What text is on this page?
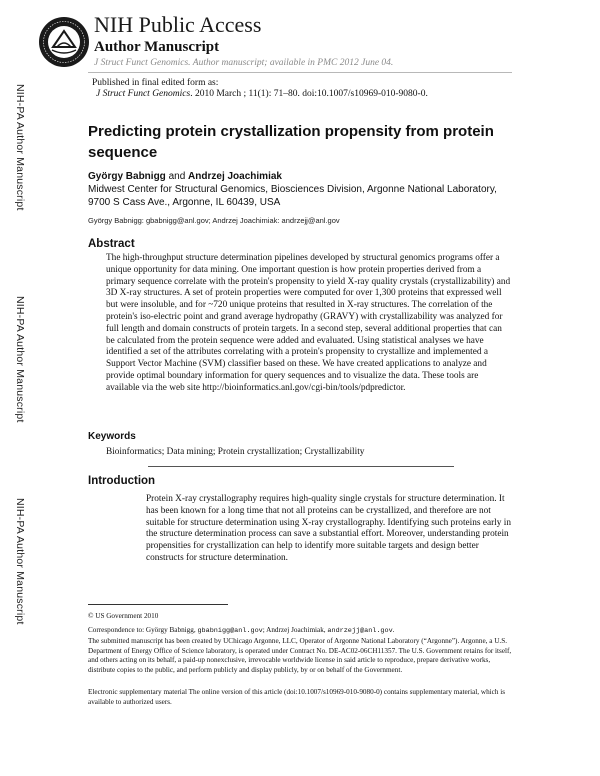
NIH Public Access
Author Manuscript
J Struct Funct Genomics. Author manuscript; available in PMC 2012 June 04.
Published in final edited form as:
J Struct Funct Genomics. 2010 March ; 11(1): 71–80. doi:10.1007/s10969-010-9080-0.
NIH-PA Author Manuscript
NIH-PA Author Manuscript
NIH-PA Author Manuscript
Predicting protein crystallization propensity from protein sequence
György Babnigg and Andrzej Joachimiak
Midwest Center for Structural Genomics, Biosciences Division, Argonne National Laboratory, 9700 S Cass Ave., Argonne, IL 60439, USA
György Babnigg: gbabnigg@anl.gov; Andrzej Joachimiak: andrzejj@anl.gov
Abstract
The high-throughput structure determination pipelines developed by structural genomics programs offer a unique opportunity for data mining. One important question is how protein properties derived from a primary sequence correlate with the protein's propensity to yield X-ray quality crystals (crystallizability) and 3D X-ray structures. A set of protein properties were computed for over 1,300 proteins that expressed well but were insoluble, and for ~720 unique proteins that resulted in X-ray structures. The correlation of the protein's iso-electric point and grand average hydropathy (GRAVY) with crystallizability was analyzed for full length and domain constructs of protein targets. In a second step, several additional properties that can be calculated from the protein sequence were added and evaluated. Using statistical analyses we have identified a set of the attributes correlating with a protein's propensity to crystallize and implemented a Support Vector Machine (SVM) classifier based on these. We have created applications to analyze and provide optimal boundary information for query sequences and to visualize the data. These tools are available via the web site http://bioinformatics.anl.gov/cgi-bin/tools/pdpredictor.
Keywords
Bioinformatics; Data mining; Protein crystallization; Crystallizability
Introduction
Protein X-ray crystallography requires high-quality single crystals for structure determination. It has been known for a long time that not all proteins can be crystallized, and therefore are not suitable for structure determination using X-ray crystallography. Identifying such proteins early in the structure determination process can save a substantial effort. Moreover, understanding protein propensities for crystallization can help to identify more suitable targets and design better constructs for structure determination.
© US Government 2010
Correspondence to: György Babnigg, gbabnigg@anl.gov; Andrzej Joachimiak, andrzejj@anl.gov.
The submitted manuscript has been created by UChicago Argonne, LLC, Operator of Argonne National Laboratory (“Argonne”). Argonne, a U.S. Department of Energy Office of Science laboratory, is operated under Contract No. DE-AC02-06CH11357. The U.S. Government retains for itself, and others acting on its behalf, a paid-up nonexclusive, irrevocable worldwide license in said article to reproduce, prepare derivative works, distribute copies to the public, and perform publicly and display publicly, by or on behalf of the Government.
Electronic supplementary material The online version of this article (doi:10.1007/s10969-010-9080-0) contains supplementary material, which is available to authorized users.
